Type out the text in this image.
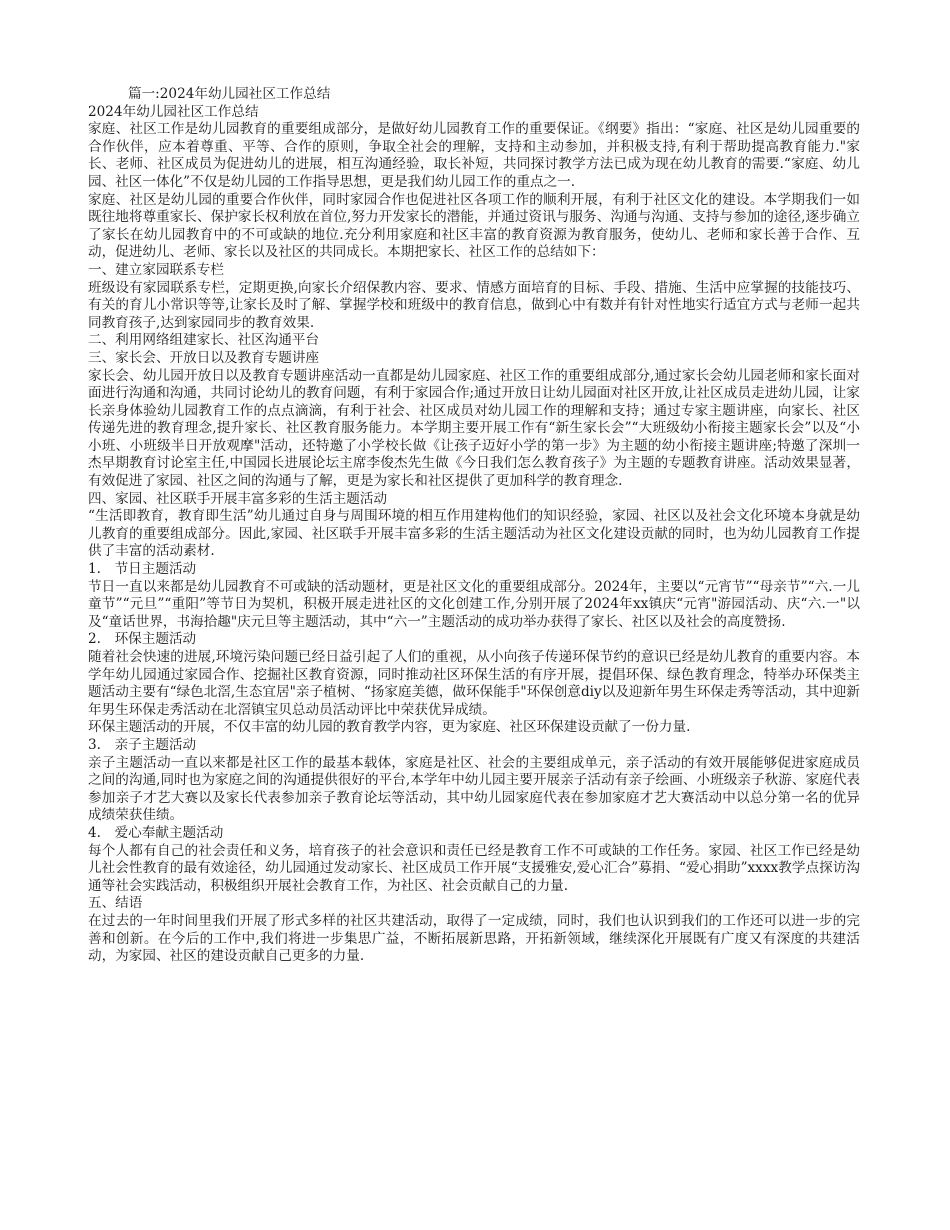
篇一:2024年幼儿园社区工作总结

2024年幼儿园社区工作总结

家庭、社区工作是幼儿园教育的重要组成部分，是做好幼儿园教育工作的重要保证。《纲要》指出：“家庭、社区是幼儿园重要的合作伙伴，应本着尊重、平等、合作的原则，争取全社会的理解，支持和主动参加，并积极支持,有利于帮助提高教育能力."家长、老师、社区成员为促进幼儿的进展，相互沟通经验，取长补短，共同探讨教学方法已成为现在幼儿教育的需要.“家庭、幼儿园、社区一体化”不仅是幼儿园的工作指导思想，更是我们幼儿园工作的重点之一.

家庭、社区是幼儿园的重要合作伙伴，同时家园合作也促进社区各项工作的顺利开展，有利于社区文化的建设。本学期我们一如既往地将尊重家长、保护家长权利放在首位,努力开发家长的潜能，并通过资讯与服务、沟通与沟通、支持与参加的途径,逐步确立了家长在幼儿园教育中的不可或缺的地位.充分利用家庭和社区丰富的教育资源为教育服务，使幼儿、老师和家长善于合作、互动，促进幼儿、老师、家长以及社区的共同成长。本期把家长、社区工作的总结如下：

一、建立家园联系专栏

班级设有家园联系专栏，定期更换,向家长介绍保教内容、要求、情感方面培育的目标、手段、措施、生活中应掌握的技能技巧、有关的育儿小常识等等,让家长及时了解、掌握学校和班级中的教育信息，做到心中有数并有针对性地实行适宜方式与老师一起共同教育孩子,达到家园同步的教育效果.

二、利用网络组建家长、社区沟通平台

三、家长会、开放日以及教育专题讲座

家长会、幼儿园开放日以及教育专题讲座活动一直都是幼儿园家庭、社区工作的重要组成部分,通过家长会幼儿园老师和家长面对面进行沟通和沟通，共同讨论幼儿的教育问题，有利于家园合作;通过开放日让幼儿园面对社区开放,让社区成员走进幼儿园，让家长亲身体验幼儿园教育工作的点点滴滴，有利于社会、社区成员对幼儿园工作的理解和支持；通过专家主题讲座，向家长、社区传递先进的教育理念,提升家长、社区教育服务能力。本学期主要开展工作有“新生家长会”“大班级幼小衔接主题家长会”以及“小小班、小班级半日开放观摩"活动，还特邀了小学校长做《让孩子迈好小学的第一步》为主题的幼小衔接主题讲座;特邀了深圳一杰早期教育讨论室主任,中国园长进展论坛主席李俊杰先生做《今日我们怎么教育孩子》为主题的专题教育讲座。活动效果显著，有效促进了家园、社区之间的沟通与了解，更是为家长和社区提供了更加科学的教育理念.

四、家园、社区联手开展丰富多彩的生活主题活动

“生活即教育，教育即生活”幼儿通过自身与周围环境的相互作用建构他们的知识经验，家园、社区以及社会文化环境本身就是幼儿教育的重要组成部分。因此,家园、社区联手开展丰富多彩的生活主题活动为社区文化建设贡献的同时，也为幼儿园教育工作提供了丰富的活动素材.

1.　节日主题活动

节日一直以来都是幼儿园教育不可或缺的活动题材，更是社区文化的重要组成部分。2024年，主要以“元宵节”“母亲节”“六.一儿童节”“元旦”“重阳”等节日为契机，积极开展走进社区的文化创建工作,分别开展了2024年xx镇庆“元宵"游园活动、庆“六.一"以及“童话世界，书海拾趣"庆元旦等主题活动，其中“六一”主题活动的成功举办获得了家长、社区以及社会的高度赞扬.

2.　环保主题活动

随着社会快速的进展,环境污染问题已经日益引起了人们的重视，从小向孩子传递环保节约的意识已经是幼儿教育的重要内容。本学年幼儿园通过家园合作、挖掘社区教育资源，同时推动社区环保生活的有序开展，提倡环保、绿色教育理念，特举办环保类主题活动主要有“绿色北滘,生态宜居"亲子植树、“扬家庭美德，做环保能手"环保创意diy以及迎新年男生环保走秀等活动，其中迎新年男生环保走秀活动在北滘镇宝贝总动员活动评比中荣获优异成绩。

环保主题活动的开展，不仅丰富的幼儿园的教育教学内容，更为家庭、社区环保建设贡献了一份力量.

3.　亲子主题活动

亲子主题活动一直以来都是社区工作的最基本载体，家庭是社区、社会的主要组成单元，亲子活动的有效开展能够促进家庭成员之间的沟通,同时也为家庭之间的沟通提供很好的平台,本学年中幼儿园主要开展亲子活动有亲子绘画、小班级亲子秋游、家庭代表参加亲子才艺大赛以及家长代表参加亲子教育论坛等活动，其中幼儿园家庭代表在参加家庭才艺大赛活动中以总分第一名的优异成绩荣获佳绩。

4.　爱心奉献主题活动

每个人都有自己的社会责任和义务，培育孩子的社会意识和责任已经是教育工作不可或缺的工作任务。家园、社区工作已经是幼儿社会性教育的最有效途径，幼儿园通过发动家长、社区成员工作开展“支援雅安,爱心汇合”募捐、“爱心捐助”xxxx教学点探访沟通等社会实践活动，积极组织开展社会教育工作，为社区、社会贡献自己的力量.

五、结语

在过去的一年时间里我们开展了形式多样的社区共建活动，取得了一定成绩，同时，我们也认识到我们的工作还可以进一步的完善和创新。在今后的工作中,我们将进一步集思广益，不断拓展新思路，开拓新领域，继续深化开展既有广度又有深度的共建活动，为家园、社区的建设贡献自己更多的力量.
